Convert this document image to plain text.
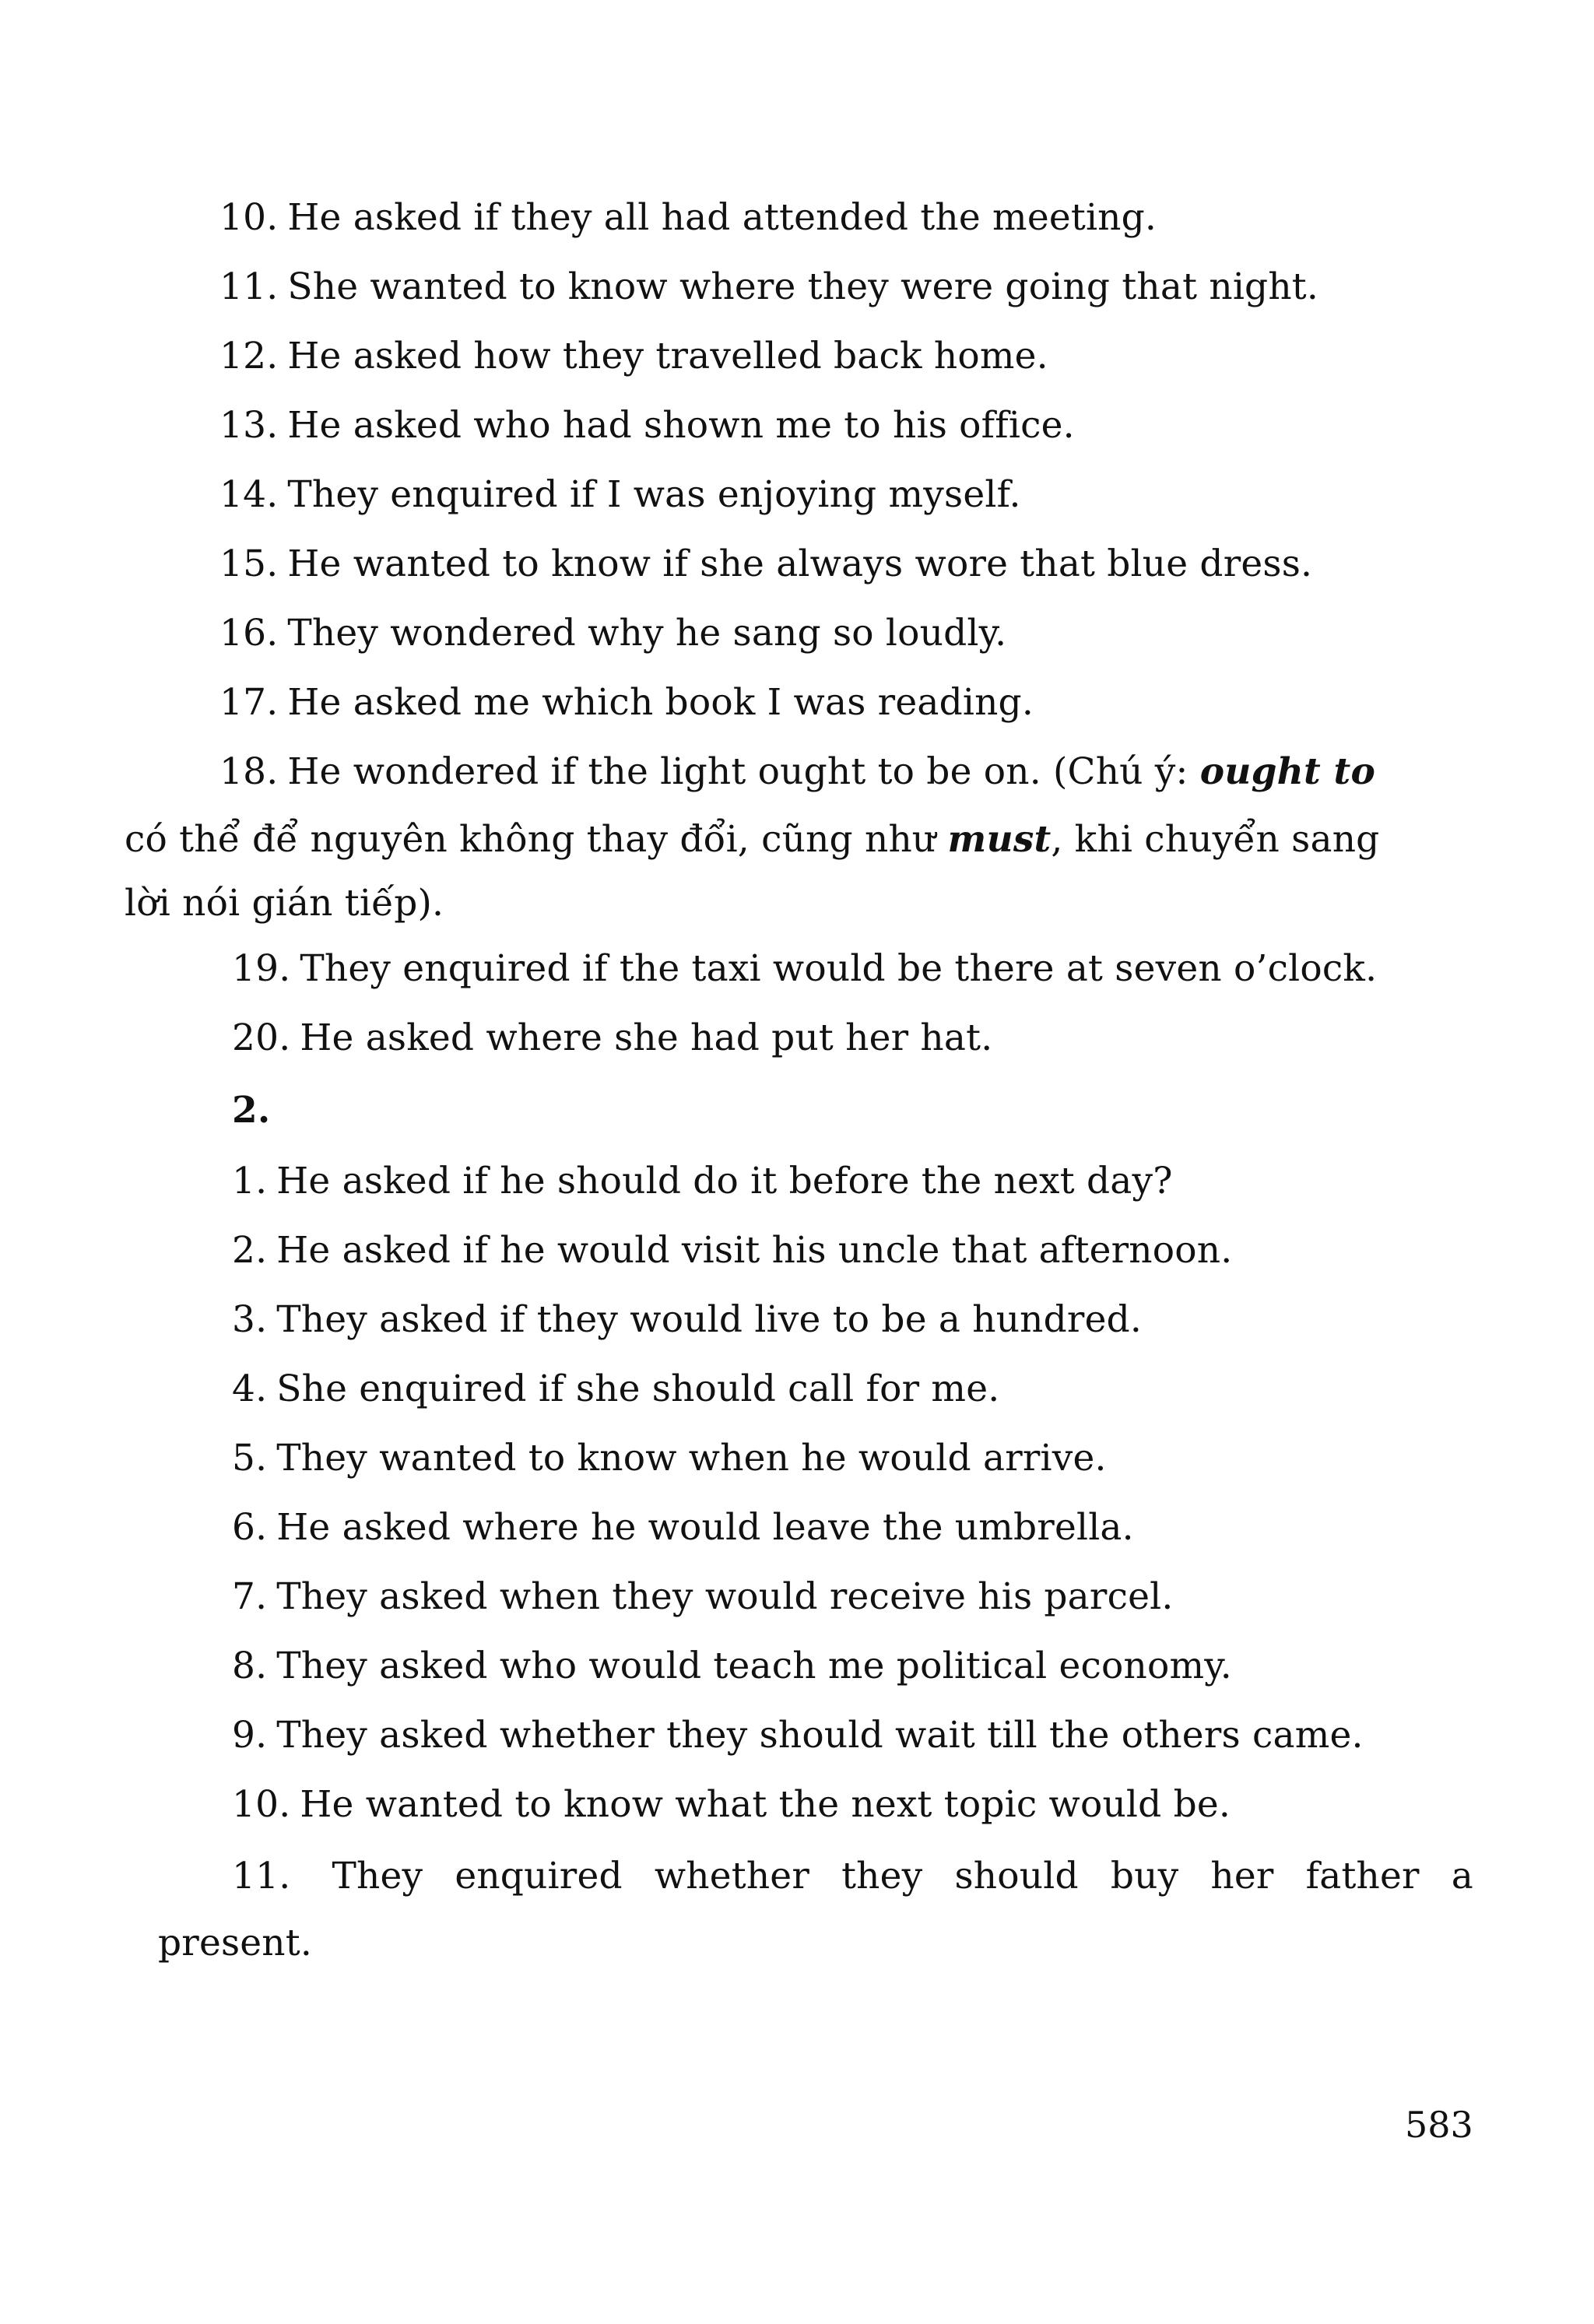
10. He asked if they all had attended the meeting.
11. She wanted to know where they were going that night.
12. He asked how they travelled back home.
13. He asked who had shown me to his office.
14. They enquired if I was enjoying myself.
15. He wanted to know if she always wore that blue dress.
16. They wondered why he sang so loudly.
17. He asked me which book I was reading.
18. He wondered if the light ought to be on. (Chú ý: ought to
có thể để nguyên không thay đổi, cũng như must, khi chuyển sang
lời nói gián tiếp).
19. They enquired if the taxi would be there at seven o’clock.
20. He asked where she had put her hat.
2.
1. He asked if he should do it before the next day?
2. He asked if he would visit his uncle that afternoon.
3. They asked if they would live to be a hundred.
4. She enquired if she should call for me.
5. They wanted to know when he would arrive.
6. He asked where he would leave the umbrella.
7. They asked when they would receive his parcel.
8. They asked who would teach me political economy.
9. They asked whether they should wait till the others came.
10. He wanted to know what the next topic would be.
11. They enquired whether they should buy her father a
present.
583
